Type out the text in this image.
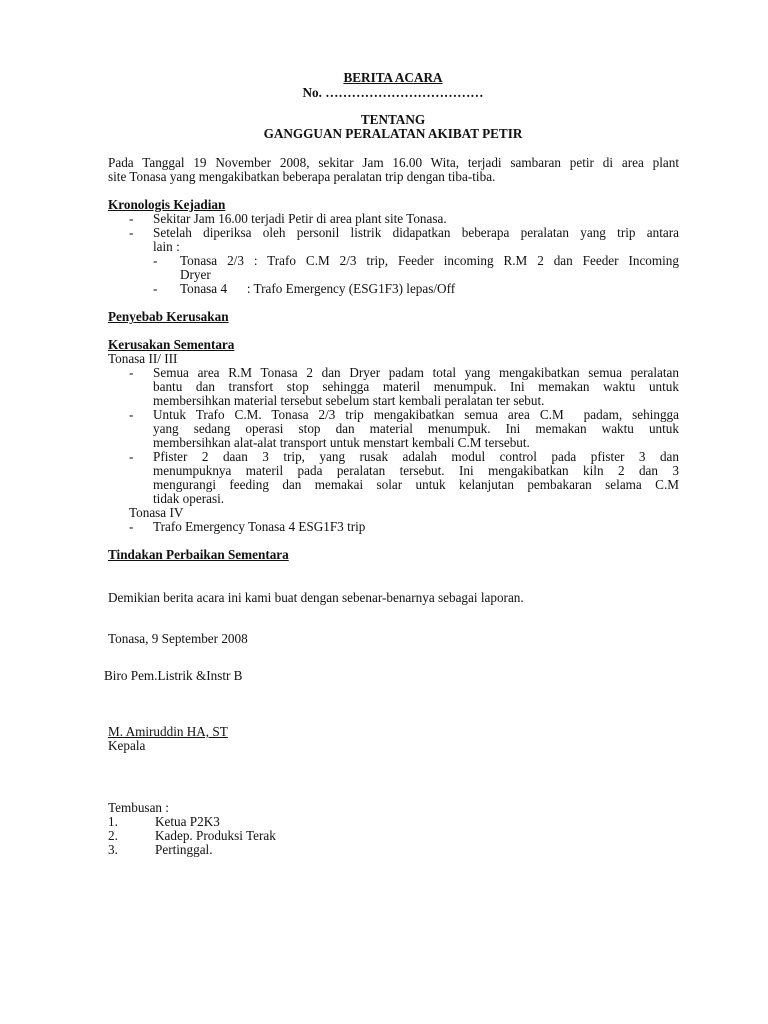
BERITA ACARA
No. ………………………………
TENTANG
GANGGUAN PERALATAN AKIBAT PETIR
Pada Tanggal 19 November 2008, sekitar Jam 16.00 Wita, terjadi sambaran petir di area plant
site Tonasa yang mengakibatkan beberapa peralatan trip dengan tiba-tiba.
Kronologis Kejadian
- Sekitar Jam 16.00 terjadi Petir di area plant site Tonasa.
- Setelah diperiksa oleh personil listrik didapatkan beberapa peralatan yang trip antara
lain :
- Tonasa 2/3 : Trafo C.M 2/3 trip, Feeder incoming R.M 2 dan Feeder Incoming
Dryer
- Tonasa 4      : Trafo Emergency (ESG1F3) lepas/Off
Penyebab Kerusakan
Kerusakan Sementara
Tonasa II/ III
- Semua area R.M Tonasa 2 dan Dryer padam total yang mengakibatkan semua peralatan
bantu dan transfort stop sehingga materil menumpuk. Ini memakan waktu untuk
membersihkan material tersebut sebelum start kembali peralatan ter sebut.
- Untuk Trafo C.M. Tonasa 2/3 trip mengakibatkan semua area C.M  padam, sehingga
yang sedang operasi stop dan material menumpuk. Ini memakan waktu untuk
membersihkan alat-alat transport untuk menstart kembali C.M tersebut.
- Pfister 2 daan 3 trip, yang rusak adalah modul control pada pfister 3 dan
menumpuknya materil pada peralatan tersebut. Ini mengakibatkan kiln 2 dan 3
mengurangi feeding dan memakai solar untuk kelanjutan pembakaran selama C.M
tidak operasi.
Tonasa IV
- Trafo Emergency Tonasa 4 ESG1F3 trip
Tindakan Perbaikan Sementara
Demikian berita acara ini kami buat dengan sebenar-benarnya sebagai laporan.
Tonasa, 9 September 2008
Biro Pem.Listrik &Instr B
M. Amiruddin HA, ST
Kepala
Tembusan :
1.	Ketua P2K3
2.	Kadep. Produksi Terak
3.	Pertinggal.
